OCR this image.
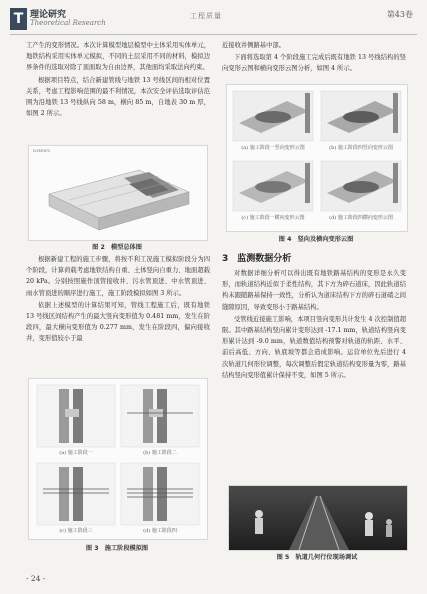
T 理论研究
Theoretical Research
工程质量	第43卷

工产生的变形情况。本次计算模型地层模型中土体采用实体单元，地铁结构采用实体单元模拟，不同的土层采用不同的材料，模拟边界条件的选取对除了顶面取为自由边界，其他面均采取法向约束。

根据项目特点，结合新建管线与地铁 13 号线区间的相对位置关系，考虑工程影响范围的最不利情况，本次安全评估选取评估范围为沿地铁 13 号线纵向 58 m，横向 85 m，自地表 30 m 厚，如图 2 所示。

ELEMENTS
图 2　模型总体图

根据新建工程的施工步骤，将按不利工况施工模拟阶段分为四个阶段，计算荷载考虑地铁结构自重、土体竖向自重力、地面超载 20 kPa。分别按照施作顶管接收井、污水管顶进、中水管顶进、雨水管顶进的顺序进行施工，施工阶段模拟如图 3 所示。

依据上述模型的计算结果可知，管线工程施工后，既有地铁 13 号线区间结构产生的最大竖向变形值为 0.481 mm，发生在阶段四，最大横向变形值为 0.277 mm，发生在阶段四，偏向接收井，变形值较小于最

(a) 施工阶段一	(b) 施工阶段二
(c) 施工阶段三	(d) 施工阶段四
图 3　施工阶段模拟图

近接收井侧路基中部。

下面将选取第 4 个阶段施工完成后既有地铁 13 号线结构的竖向变形云图和横向变形云图分析，如图 4 所示。

(a) 施工阶段一竖向变形云图	(b) 施工阶段四竖向变形云图
(c) 施工阶段一横向变形云图	(d) 施工阶段四横向变形云图
图 4　竖向及横向变形云图
3　监测数据分析

对数据详细分析可以得出既有地铁路基结构的变形是永久变形，而轨道结构近似于柔性结构，其下方为碎石道床，因此轨道结构未跟随路基保持一致性，分析认为道床结构下方的碎石道碴之间缝隙原因，导致变形小于路基结构。

受管线近接施工影响，本项目竖向变形共计发生 4 次控制值超限。其中路基结构竖向累计变形达到 -17.1 mm，轨道结构竖向变形累计达到 -9.0 mm，轨道数值结构预警对轨道的轨距、水平、前后高低、方向、轨底坡等都会造成影响。运营单位先后进行 4 次轨道几何形位调整，每次调整后假定轨道结构变形量为零，路基结构竖向变形值累计保持不变，如图 5 所示。

图 5　轨道几何行位现场调试
- 24 -
